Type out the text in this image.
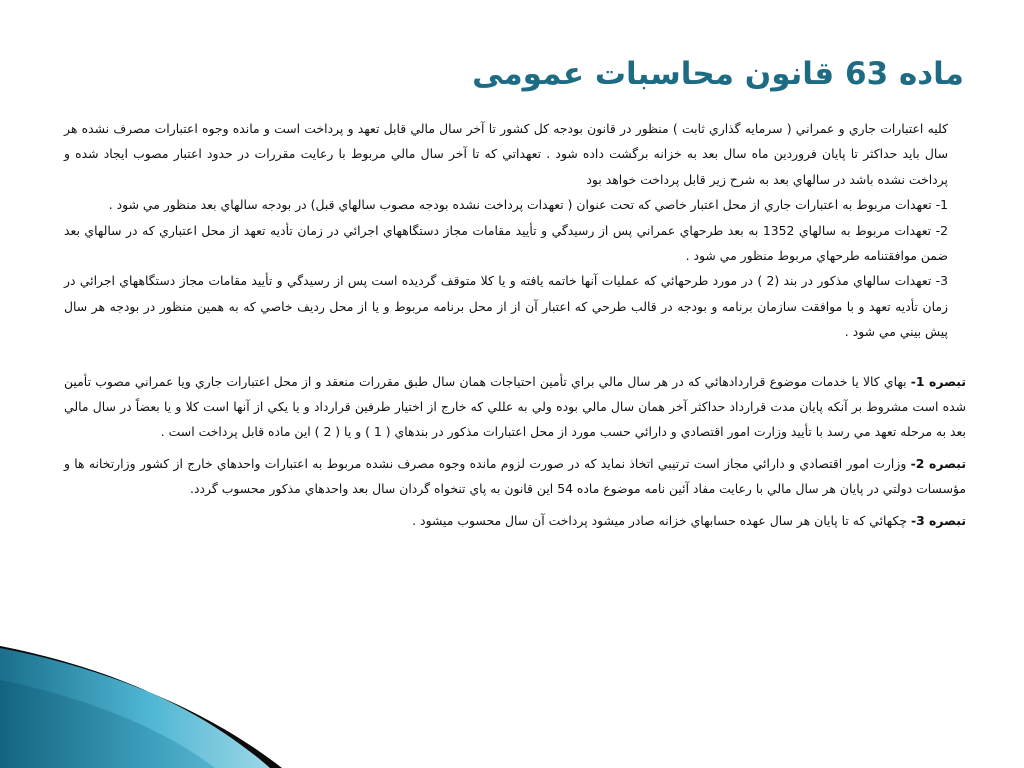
ماده 63 قانون محاسبات عمومی

كليه اعتبارات جاري و عمراني ( سرمايه گذاري ثابت ) منظور در قانون بودجه كل كشور تا آخر سال مالي قابل تعهد و پرداخت است و مانده وجوه اعتبارات مصرف نشده هر سال بايد حداكثر تا پايان فروردين ماه سال بعد به خزانه برگشت داده شود . تعهداتي كه تا آخر سال مالي مربوط با رعايت مقررات در حدود اعتبار مصوب ايجاد شده و پرداخت نشده باشد در سالهاي بعد به شرح زير قابل پرداخت خواهد بود

1- تعهدات مربوط به اعتبارات جاري از محل اعتبار خاصي كه تحت عنوان ( تعهدات پرداخت نشده بودجه مصوب سالهاي قبل) در بودجه سالهاي بعد منظور مي شود .

2- تعهدات مربوط به سالهاي 1352 به بعد طرحهاي عمراني پس از رسيدگي و تأييد مقامات مجاز دستگاههاي اجرائي در زمان تأديه تعهد از محل اعتباري كه در سالهاي بعد ضمن موافقتنامه طرحهاي مربوط منظور مي شود .

3- تعهدات سالهاي مذكور در بند (2 ) در مورد طرحهائي كه عمليات آنها خاتمه يافته و يا كلا متوقف گرديده است پس از رسيدگي و تأييد مقامات مجاز دستگاههاي اجرائي در زمان تأديه تعهد و با موافقت سازمان برنامه و بودجه در قالب طرحي كه اعتبار آن از از محل برنامه مربوط و يا از محل رديف خاصي كه به همين منظور در بودجه هر سال پيش بيني مي شود .

تبصره 1- بهاي كالا يا خدمات موضوع قراردادهائي كه در هر سال مالي براي تأمين احتياجات همان سال طبق مقررات منعقد و از محل اعتبارات جاري ويا عمراني مصوب تأمين شده است مشروط بر آنكه پايان مدت قرارداد حداكثر آخر همان سال مالي بوده ولي به عللي كه خارج از اختيار طرفين قرارداد و يا يكي از آنها است كلا و يا بعضاً در سال مالي بعد به مرحله تعهد مي رسد با تأييد وزارت امور اقتصادي و دارائي حسب مورد از محل اعتبارات مذكور در بندهاي ( 1 ) و يا ( 2 ) اين ماده قابل پرداخت است .

تبصره 2- وزارت امور اقتصادي و دارائي مجاز است ترتيبي اتخاذ نمايد كه در صورت لزوم مانده وجوه مصرف نشده مربوط به اعتبارات واحدهاي خارج از كشور وزارتخانه ها و مؤسسات دولتي در پايان هر سال مالي با رعايت مفاد آئين نامه موضوع ماده 54 اين قانون به پاي تنخواه گردان سال بعد واحدهاي مذكور محسوب گردد.

تبصره 3- چكهائي كه تا پايان هر سال عهده حسابهاي خزانه صادر ميشود پرداخت آن سال محسوب ميشود .
